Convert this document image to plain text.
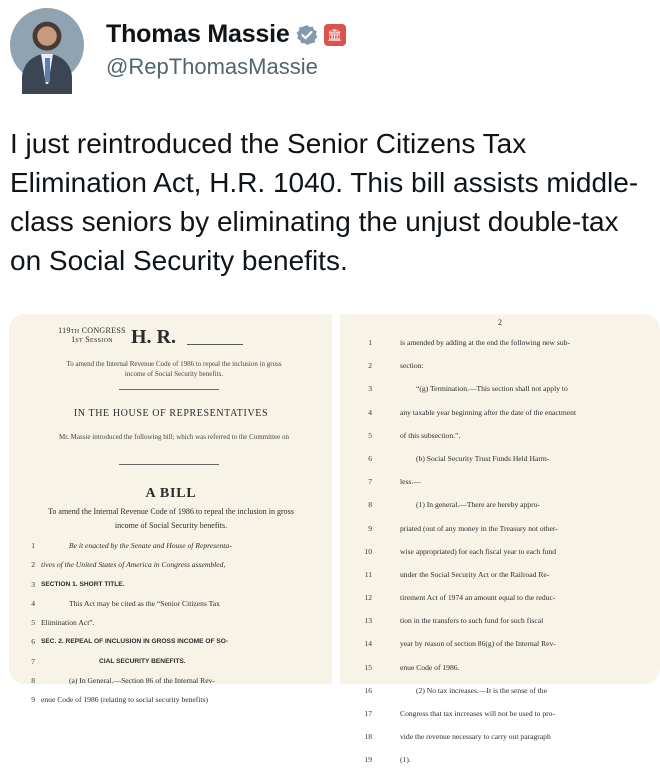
Thomas Massie	🏛
@RepThomasMassie
I just reintroduced the Senior Citizens Tax Elimination Act, H.R. 1040. This bill assists middle-class seniors by eliminating the unjust double-tax on Social Security benefits.
119th CONGRESS
1st Session H. R.
To amend the Internal Revenue Code of 1986 to repeal the inclusion in gross income of Social Security benefits.
IN THE HOUSE OF REPRESENTATIVES
Mr. Massie introduced the following bill; which was referred to the Committee on
A BILL
To amend the Internal Revenue Code of 1986 to repeal the inclusion in gross income of Social Security benefits.
1	Be it enacted by the Senate and House of Representa-
2 tives of the United States of America in Congress assembled,
3 SECTION 1. SHORT TITLE.
4	This Act may be cited as the “Senior Citizens Tax
5 Elimination Act”.
6 SEC. 2. REPEAL OF INCLUSION IN GROSS INCOME OF SO-
7	CIAL SECURITY BENEFITS.
8	(a) In General.—Section 86 of the Internal Rev-
9 enue Code of 1986 (relating to social security benefits)
2
1	is amended by adding at the end the following new sub-
2	section:
3	“(g) Termination.—This section shall not apply to
4	any taxable year beginning after the date of the enactment
5	of this subsection.”.
6	(b) Social Security Trust Funds Held Harm-
7	less.—
8	(1) In general.—There are hereby appro-
9	priated (out of any money in the Treasury not other-
10	wise appropriated) for each fiscal year to each fund
11	under the Social Security Act or the Railroad Re-
12	tirement Act of 1974 an amount equal to the reduc-
13	tion in the transfers to such fund for such fiscal
14	year by reason of section 86(g) of the Internal Rev-
15	enue Code of 1986.
16	(2) No tax increases.—It is the sense of the
17	Congress that tax increases will not be used to pro-
18	vide the revenue necessary to carry out paragraph
19	(1).
